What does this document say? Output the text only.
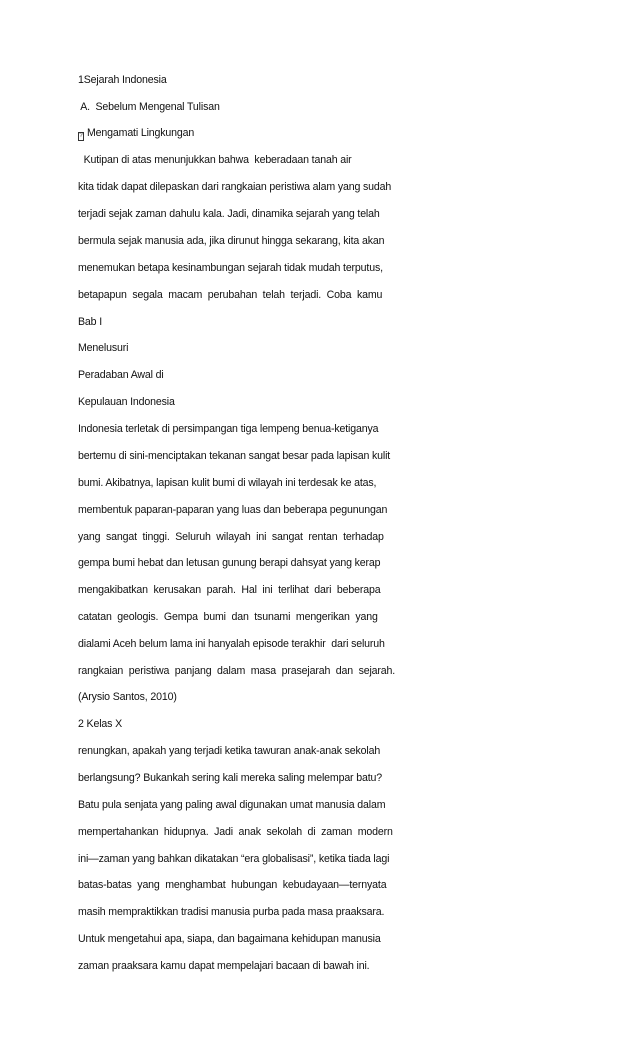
1Sejarah Indonesia
A.  Sebelum Mengenal Tulisan
? Mengamati Lingkungan
Kutipan di atas menunjukkan bahwa  keberadaan tanah air
kita tidak dapat dilepaskan dari rangkaian peristiwa alam yang sudah
terjadi sejak zaman dahulu kala. Jadi, dinamika sejarah yang telah
bermula sejak manusia ada, jika dirunut hingga sekarang, kita akan
menemukan betapa kesinambungan sejarah tidak mudah terputus,
betapapun  segala  macam  perubahan  telah  terjadi.  Coba  kamu
Bab I
Menelusuri
Peradaban Awal di
Kepulauan Indonesia
Indonesia terletak di persimpangan tiga lempeng benua-ketiganya
bertemu di sini-menciptakan tekanan sangat besar pada lapisan kulit
bumi. Akibatnya, lapisan kulit bumi di wilayah ini terdesak ke atas,
membentuk paparan-paparan yang luas dan beberapa pegunungan
yang  sangat  tinggi.  Seluruh  wilayah  ini  sangat  rentan  terhadap
gempa bumi hebat dan letusan gunung berapi dahsyat yang kerap
mengakibatkan  kerusakan  parah.  Hal  ini  terlihat  dari  beberapa
catatan  geologis.  Gempa  bumi  dan  tsunami  mengerikan  yang
dialami Aceh belum lama ini hanyalah episode terakhir  dari seluruh
rangkaian  peristiwa  panjang  dalam  masa  prasejarah  dan  sejarah.
(Arysio Santos, 2010)
2 Kelas X
renungkan, apakah yang terjadi ketika tawuran anak-anak sekolah
berlangsung? Bukankah sering kali mereka saling melempar batu?
Batu pula senjata yang paling awal digunakan umat manusia dalam
mempertahankan  hidupnya.  Jadi  anak  sekolah  di  zaman  modern
ini—zaman yang bahkan dikatakan “era globalisasi”, ketika tiada lagi
batas-batas  yang  menghambat  hubungan  kebudayaan—ternyata
masih mempraktikkan tradisi manusia purba pada masa praaksara.
Untuk mengetahui apa, siapa, dan bagaimana kehidupan manusia
zaman praaksara kamu dapat mempelajari bacaan di bawah ini.
